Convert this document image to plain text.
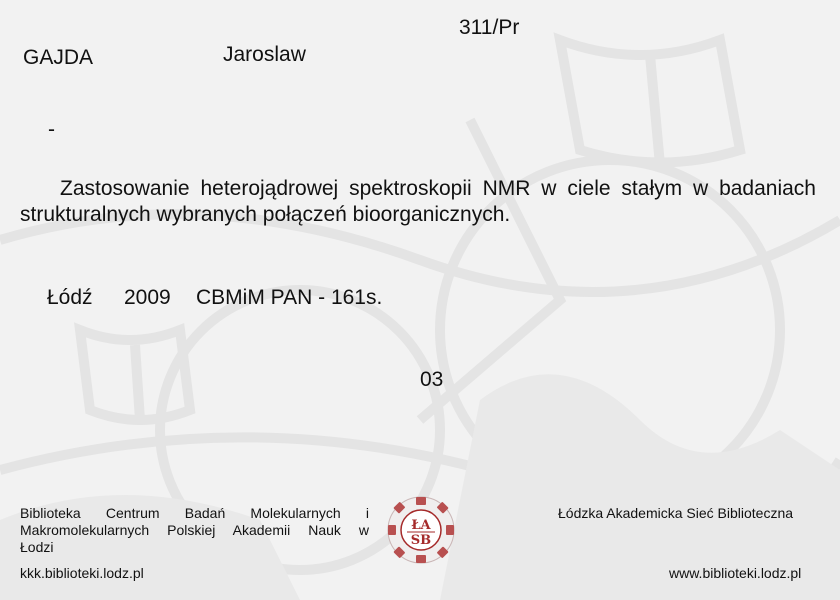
311/Pr
GAJDA	Jaroslaw
-
Zastosowanie heterojądrowej spektroskopii NMR w ciele stałym w badaniach strukturalnych wybranych połączeń bioorganicznych.
Łódź 2009 CBMiM PAN - 161s.
03
Biblioteka Centrum Badań Molekularnych i Makromolekularnych Polskiej Akademii Nauk w
Łodzi
ŁA
SB
Łódzka Akademicka Sieć Biblioteczna
kkk.biblioteki.lodz.pl	www.biblioteki.lodz.pl
